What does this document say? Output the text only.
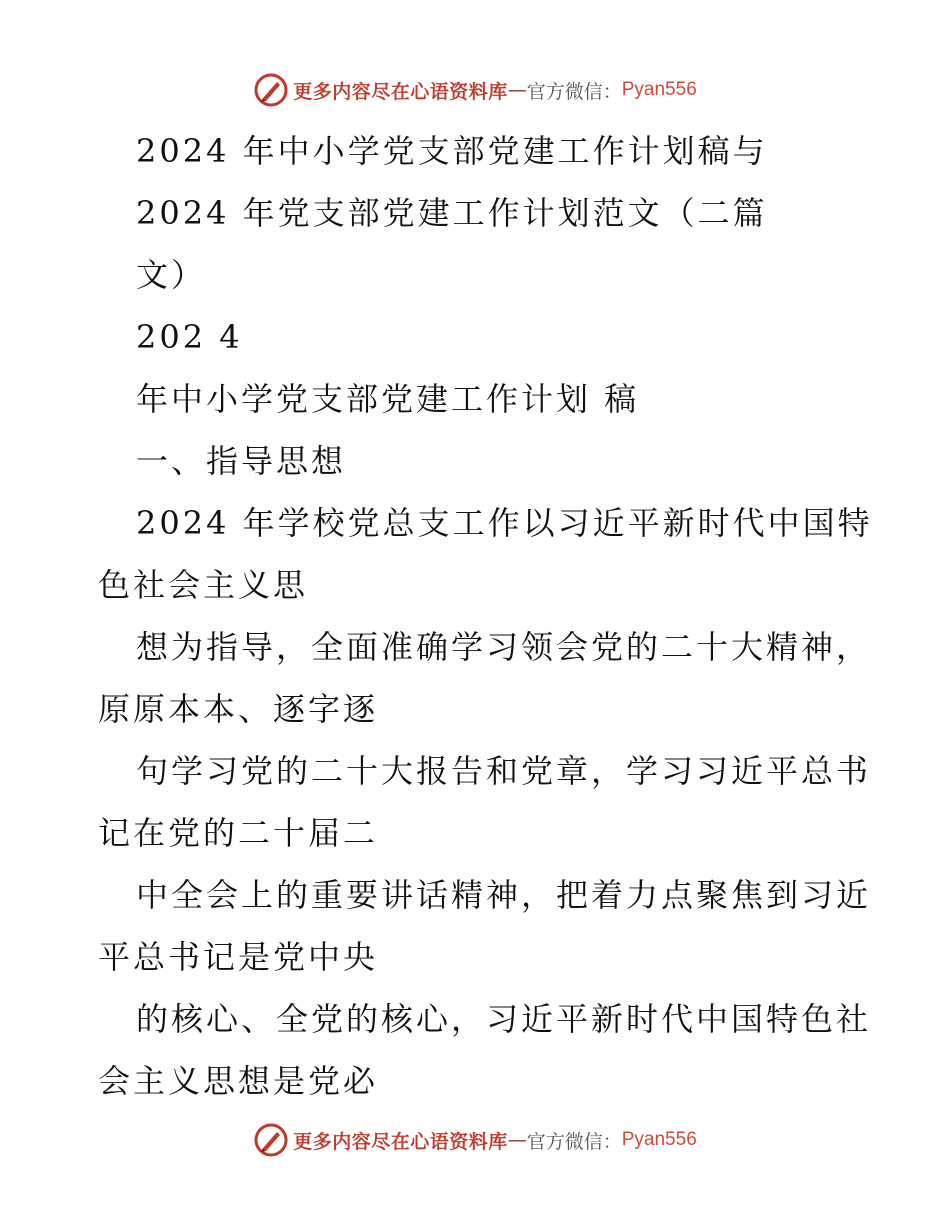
更多内容尽在心语资料库 — 官方微信： Pyan556
2024 年中小学党支部党建工作计划稿与
2024 年党支部党建工作计划范文（二篇
文）
202 4
年中小学党支部党建工作计划 稿
一、指导思想
2024 年学校党总支工作以习近平新时代中国特
色社会主义思
想为指导，全面准确学习领会党的二十大精神，
原原本本、逐字逐
句学习党的二十大报告和党章，学习习近平总书
记在党的二十届二
中全会上的重要讲话精神，把着力点聚焦到习近
平总书记是党中央
的核心、全党的核心，习近平新时代中国特色社
会主义思想是党必
更多内容尽在心语资料库 — 官方微信： Pyan556
